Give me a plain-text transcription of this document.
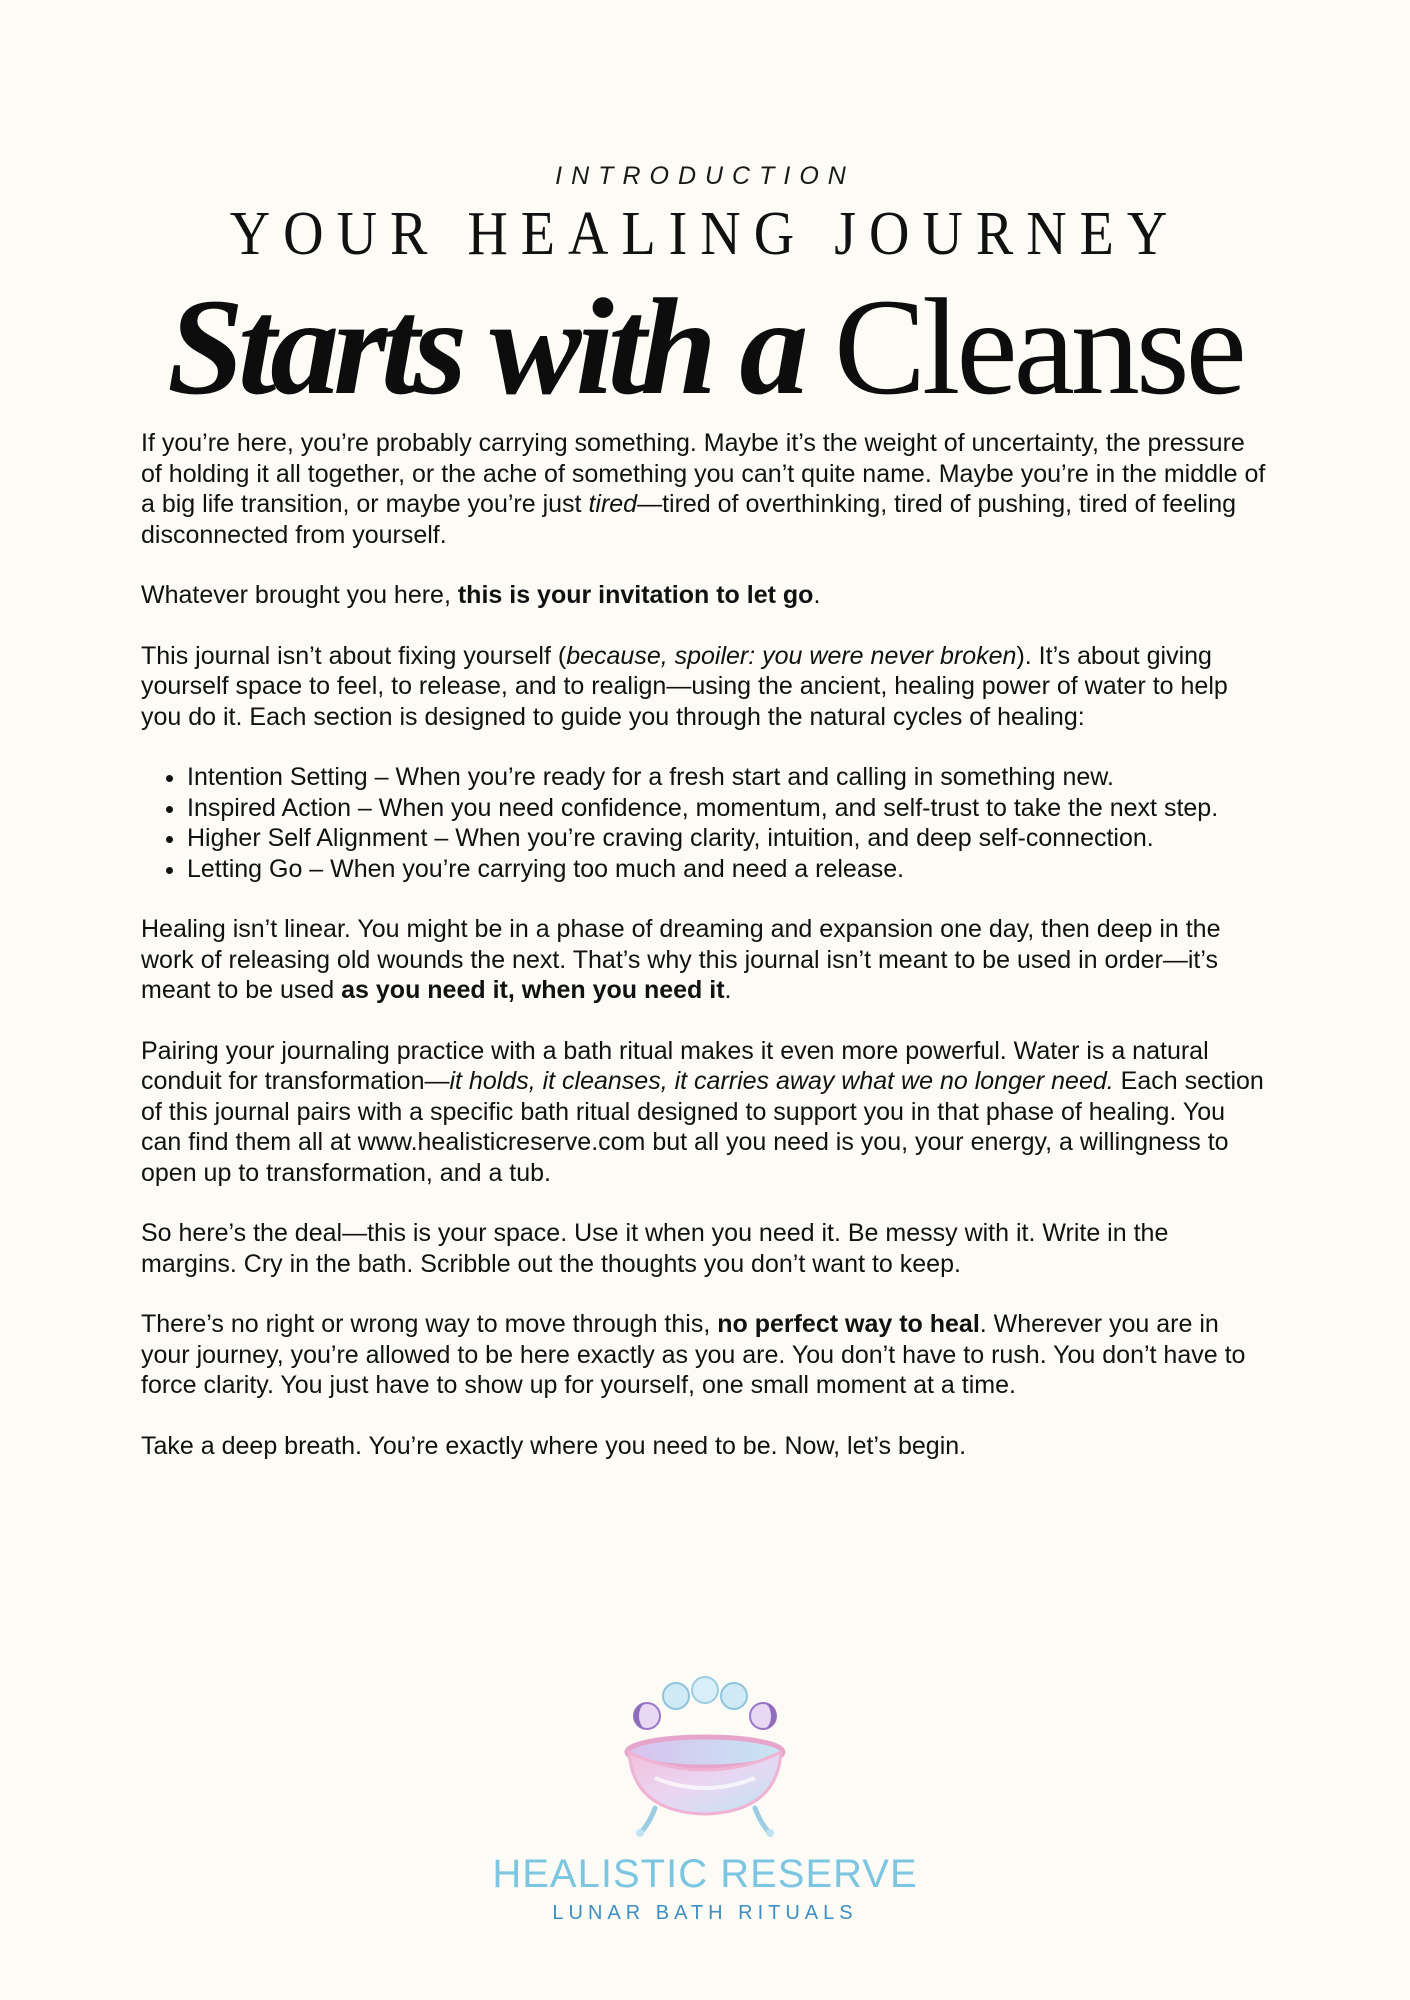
INTRODUCTION
YOUR HEALING JOURNEY
Starts with a Cleanse

If you’re here, you’re probably carrying something. Maybe it’s the weight of uncertainty, the pressure of holding it all together, or the ache of something you can’t quite name. Maybe you’re in the middle of a big life transition, or maybe you’re just tired—tired of overthinking, tired of pushing, tired of feeling disconnected from yourself.

Whatever brought you here, this is your invitation to let go.

This journal isn’t about fixing yourself (because, spoiler: you were never broken). It’s about giving yourself space to feel, to release, and to realign—using the ancient, healing power of water to help you do it. Each section is designed to guide you through the natural cycles of healing:

• Intention Setting – When you’re ready for a fresh start and calling in something new.
• Inspired Action – When you need confidence, momentum, and self-trust to take the next step.
• Higher Self Alignment – When you’re craving clarity, intuition, and deep self-connection.
• Letting Go – When you’re carrying too much and need a release.

Healing isn’t linear. You might be in a phase of dreaming and expansion one day, then deep in the work of releasing old wounds the next. That’s why this journal isn’t meant to be used in order—it’s meant to be used as you need it, when you need it.

Pairing your journaling practice with a bath ritual makes it even more powerful. Water is a natural conduit for transformation—it holds, it cleanses, it carries away what we no longer need. Each section of this journal pairs with a specific bath ritual designed to support you in that phase of healing. You can find them all at www.healisticreserve.com but all you need is you, your energy, a willingness to open up to transformation, and a tub.

So here’s the deal—this is your space. Use it when you need it. Be messy with it. Write in the margins. Cry in the bath. Scribble out the thoughts you don’t want to keep.

There’s no right or wrong way to move through this, no perfect way to heal. Wherever you are in your journey, you’re allowed to be here exactly as you are. You don’t have to rush. You don’t have to force clarity. You just have to show up for yourself, one small moment at a time.

Take a deep breath. You’re exactly where you need to be. Now, let’s begin.

HEALISTIC RESERVE
LUNAR BATH RITUALS
